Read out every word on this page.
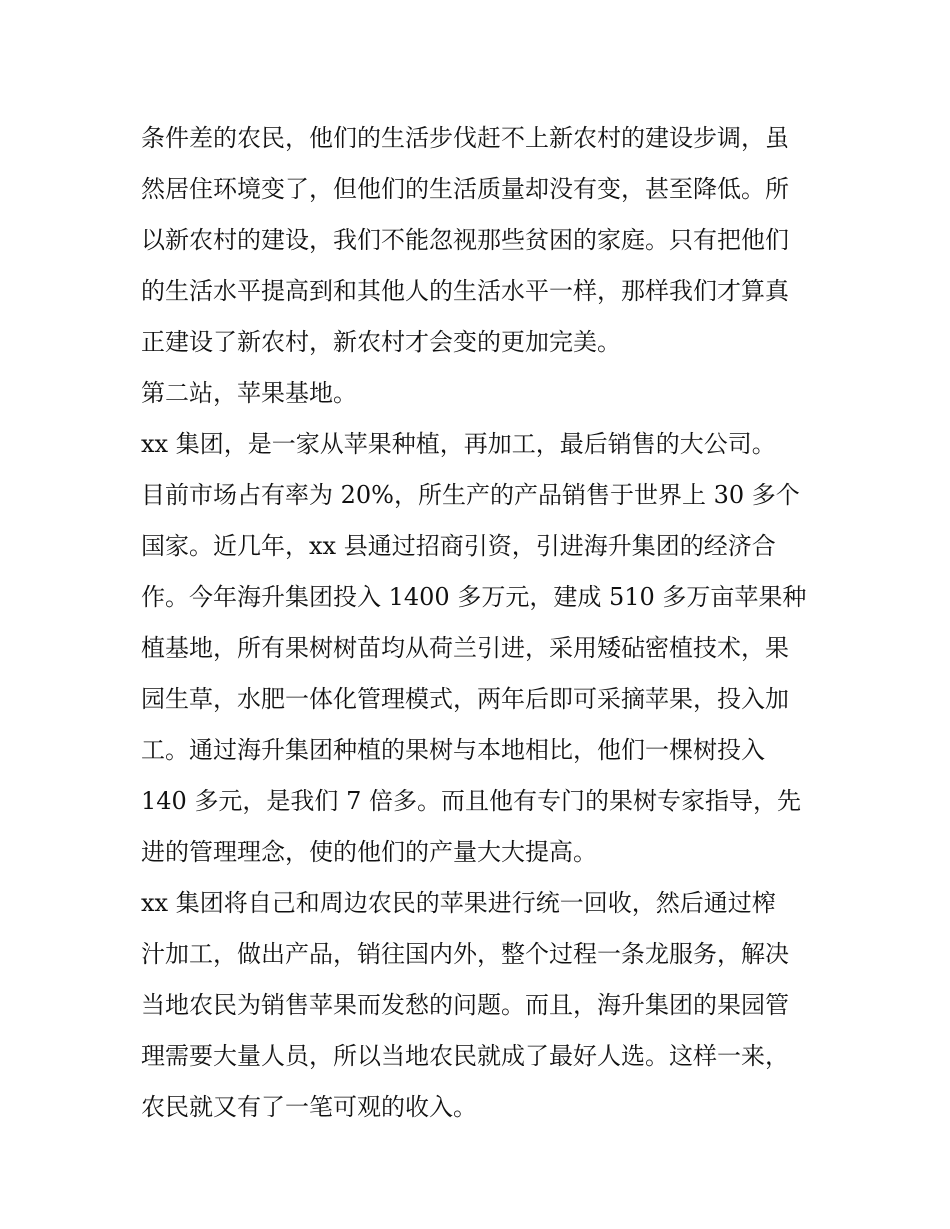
条件差的农民，他们的生活步伐赶不上新农村的建设步调，虽
然居住环境变了，但他们的生活质量却没有变，甚至降低。所
以新农村的建设，我们不能忽视那些贫困的家庭。只有把他们
的生活水平提高到和其他人的生活水平一样，那样我们才算真
正建设了新农村，新农村才会变的更加完美。
第二站，苹果基地。
xx 集团，是一家从苹果种植，再加工，最后销售的大公司。
目前市场占有率为 20%，所生产的产品销售于世界上 30 多个
国家。近几年，xx 县通过招商引资，引进海升集团的经济合
作。今年海升集团投入 1400 多万元，建成 510 多万亩苹果种
植基地，所有果树树苗均从荷兰引进，采用矮砧密植技术，果
园生草，水肥一体化管理模式，两年后即可采摘苹果，投入加
工。通过海升集团种植的果树与本地相比，他们一棵树投入
140 多元，是我们 7 倍多。而且他有专门的果树专家指导，先
进的管理理念，使的他们的产量大大提高。
xx 集团将自己和周边农民的苹果进行统一回收，然后通过榨
汁加工，做出产品，销往国内外，整个过程一条龙服务，解决
当地农民为销售苹果而发愁的问题。而且，海升集团的果园管
理需要大量人员，所以当地农民就成了最好人选。这样一来，
农民就又有了一笔可观的收入。
